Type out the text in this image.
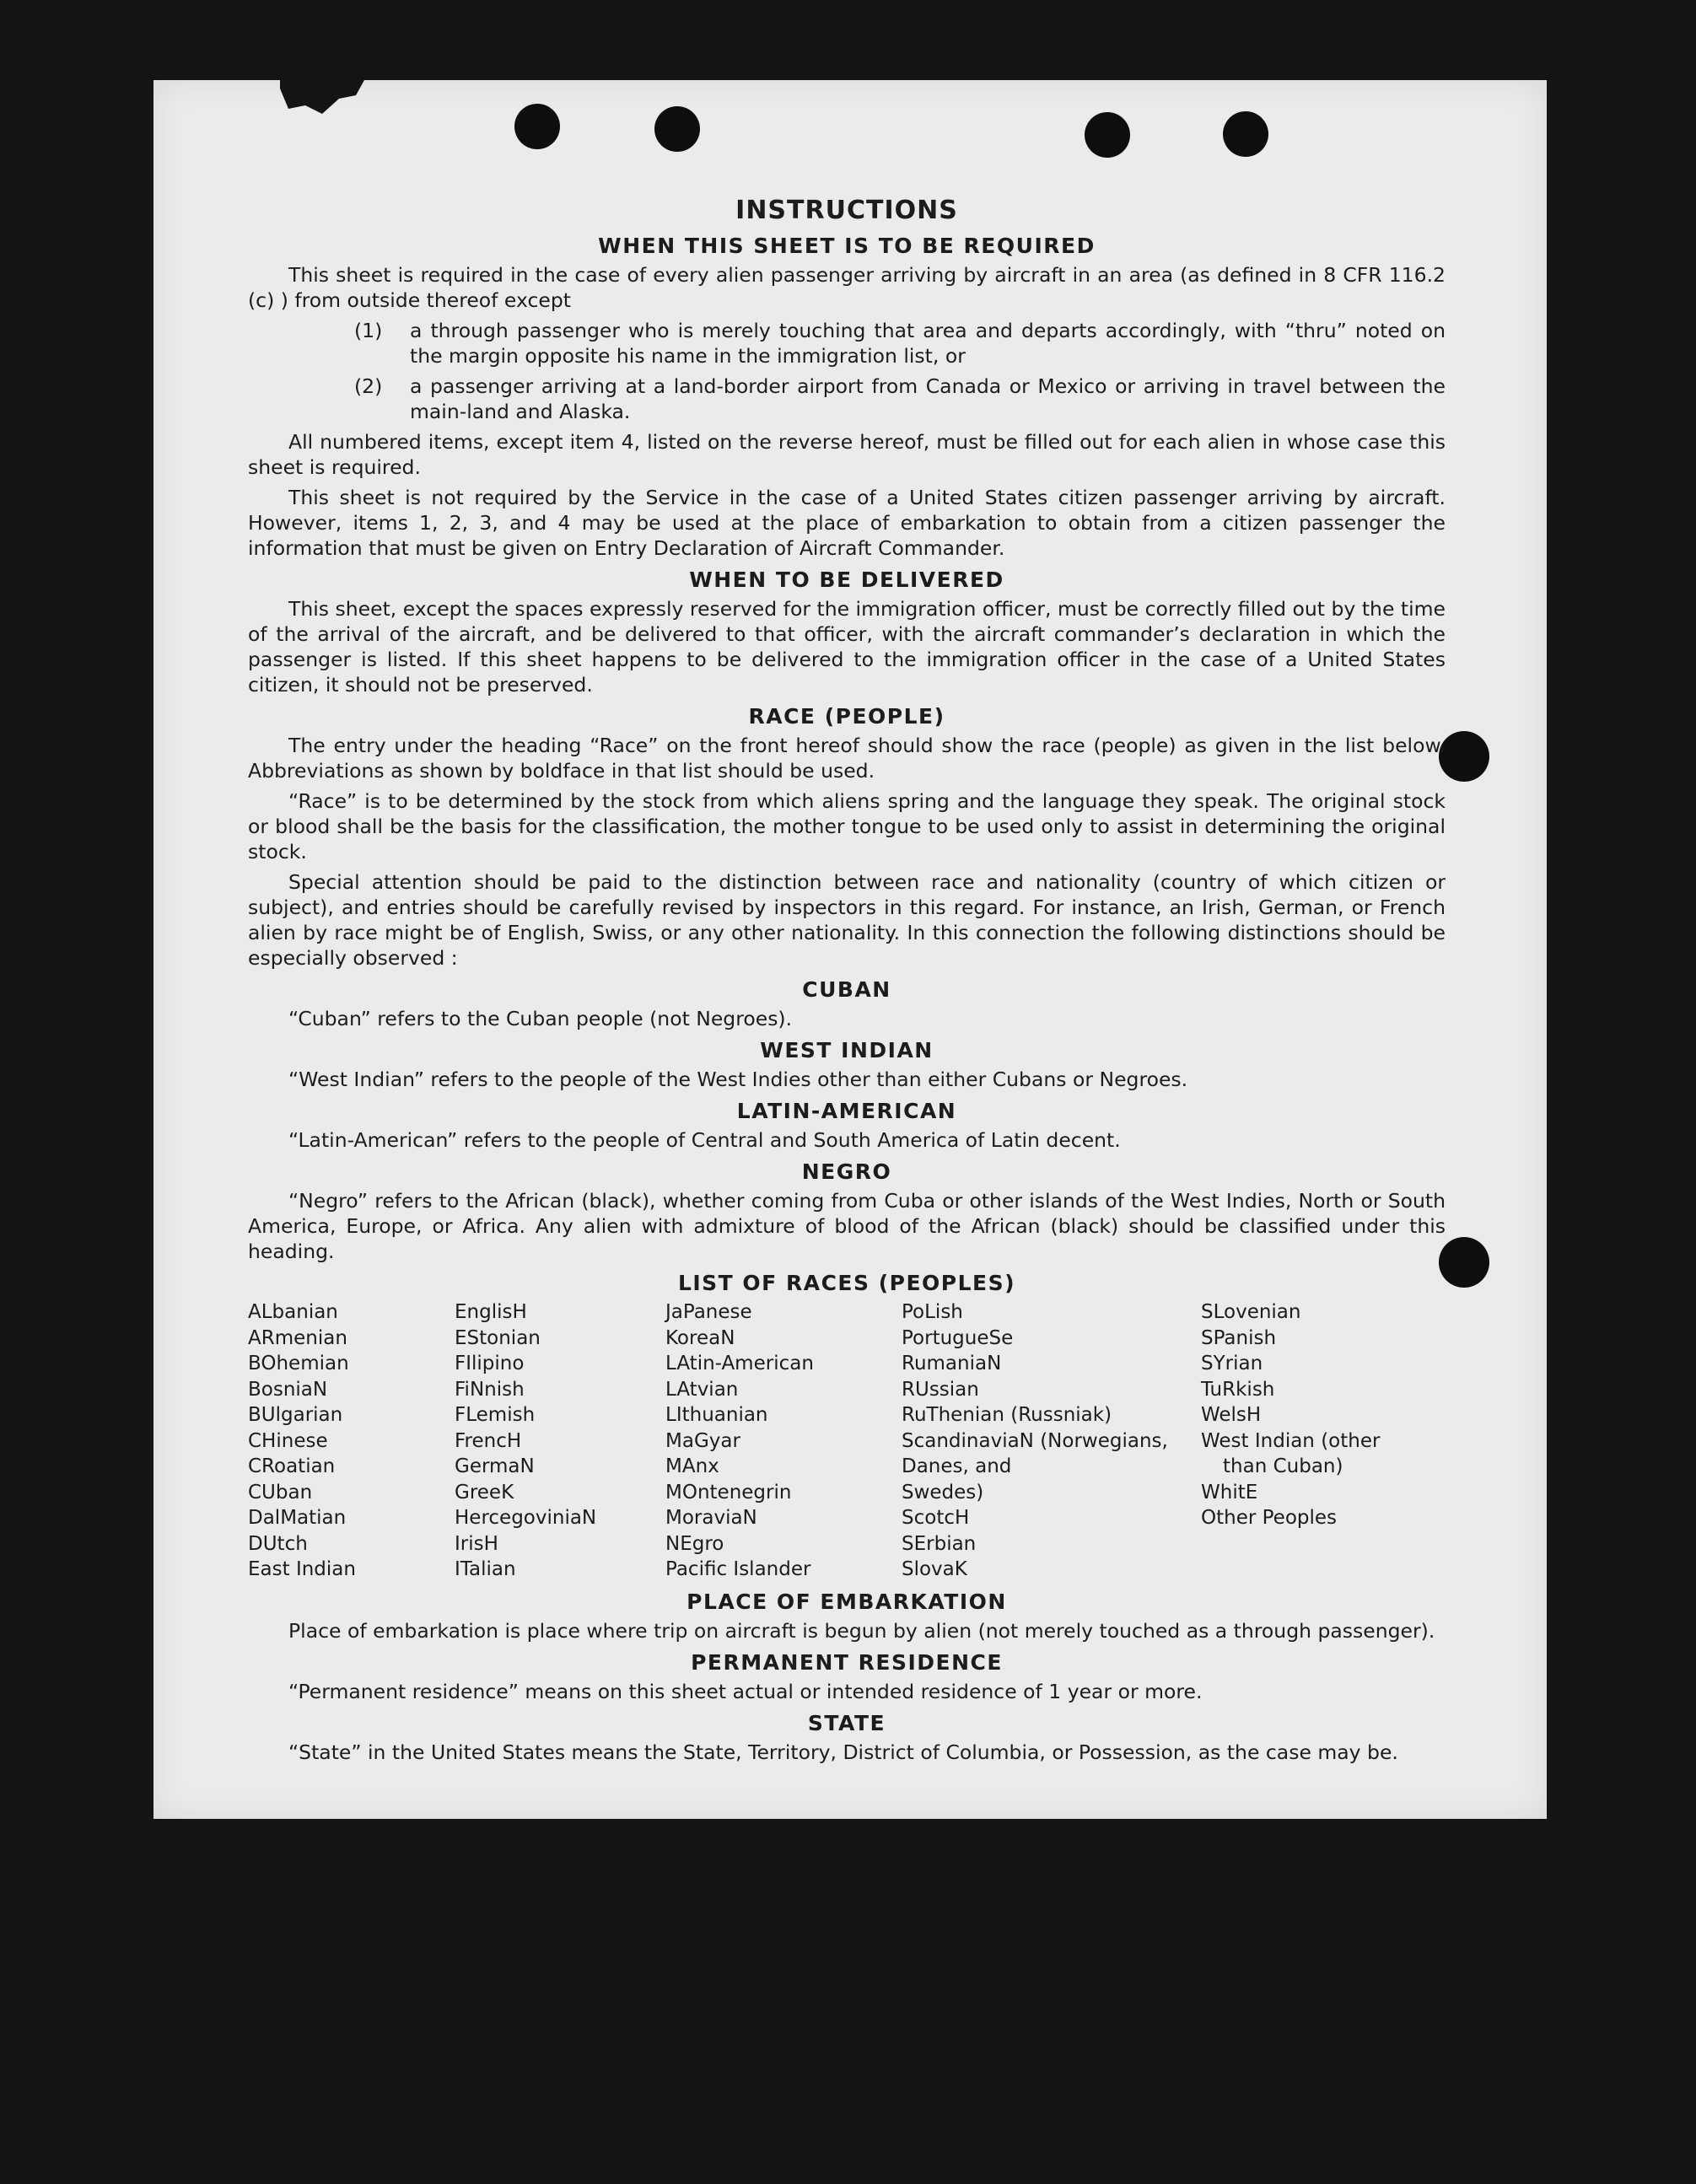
INSTRUCTIONS
WHEN THIS SHEET IS TO BE REQUIRED

This sheet is required in the case of every alien passenger arriving by aircraft in an area (as defined in 8 CFR 116.2 (c) ) from outside thereof except

(1) a through passenger who is merely touching that area and departs accordingly, with “thru” noted on the margin opposite his name in the immigration list, or
(2) a passenger arriving at a land-border airport from Canada or Mexico or arriving in travel between the main-land and Alaska.

All numbered items, except item 4, listed on the reverse hereof, must be filled out for each alien in whose case this sheet is required.

This sheet is not required by the Service in the case of a United States citizen passenger arriving by aircraft. However, items 1, 2, 3, and 4 may be used at the place of embarkation to obtain from a citizen passenger the information that must be given on Entry Declaration of Aircraft Commander.

WHEN TO BE DELIVERED

This sheet, except the spaces expressly reserved for the immigration officer, must be correctly filled out by the time of the arrival of the aircraft, and be delivered to that officer, with the aircraft commander’s declaration in which the passenger is listed. If this sheet happens to be delivered to the immigration officer in the case of a United States citizen, it should not be preserved.

RACE (PEOPLE)

The entry under the heading “Race” on the front hereof should show the race (people) as given in the list below. Abbreviations as shown by boldface in that list should be used.

“Race” is to be determined by the stock from which aliens spring and the language they speak. The original stock or blood shall be the basis for the classification, the mother tongue to be used only to assist in determining the original stock.

Special attention should be paid to the distinction between race and nationality (country of which citizen or subject), and entries should be carefully revised by inspectors in this regard. For instance, an Irish, German, or French alien by race might be of English, Swiss, or any other nationality. In this connection the following distinctions should be especially observed :

CUBAN

“Cuban” refers to the Cuban people (not Negroes).

WEST INDIAN

“West Indian” refers to the people of the West Indies other than either Cubans or Negroes.

LATIN-AMERICAN

“Latin-American” refers to the people of Central and South America of Latin decent.

NEGRO

“Negro” refers to the African (black), whether coming from Cuba or other islands of the West Indies, North or South America, Europe, or Africa. Any alien with admixture of blood of the African (black) should be classified under this heading.

LIST OF RACES (PEOPLES)
ALbanian
ARmenian
BOhemian
BosniaN
BUlgarian
CHinese
CRoatian
CUban
DalMatian
DUtch
East Indian
EnglisH
EStonian
FIlipino
FiNnish
FLemish
FrencH
GermaN
GreeK
HercegoviniaN
IrisH
ITalian
JaPanese
KoreaN
LAtin-American
LAtvian
LIthuanian
MaGyar
MAnx
MOntenegrin
MoraviaN
NEgro
Pacific Islander
PoLish
PortugueSe
RumaniaN
RUssian
RuThenian (Russniak)
ScandinaviaN (Norwegians,
Danes, and
Swedes)
ScotcH
SErbian
SlovaK
SLovenian
SPanish
SYrian
TuRkish
WelsH
West Indian (other
than Cuban)
WhitE
Other Peoples
PLACE OF EMBARKATION

Place of embarkation is place where trip on aircraft is begun by alien (not merely touched as a through passenger).

PERMANENT RESIDENCE

“Permanent residence” means on this sheet actual or intended residence of 1 year or more.

STATE

“State” in the United States means the State, Territory, District of Columbia, or Possession, as the case may be.
